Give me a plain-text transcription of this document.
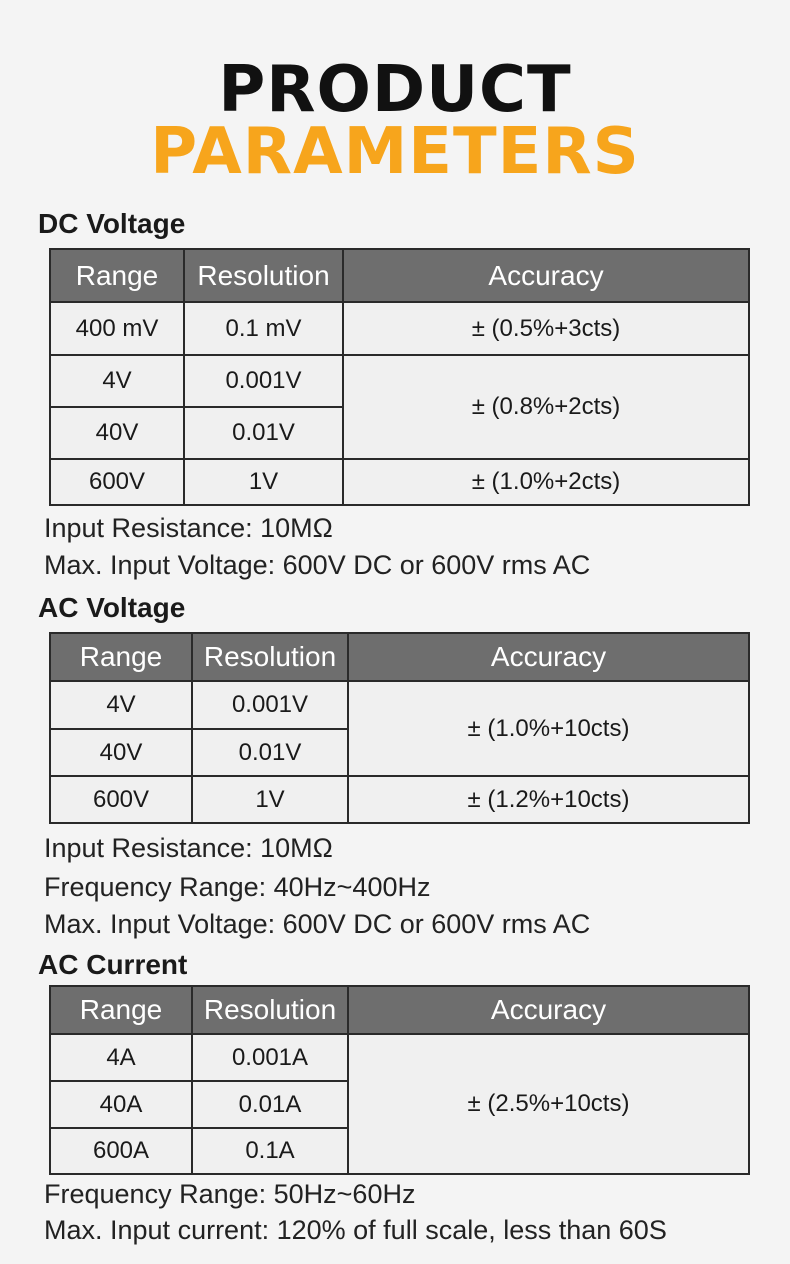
PRODUCT
PARAMETERS
DC Voltage
Range	Resolution	Accuracy
400 mV	0.1 mV	± (0.5%+3cts)
4V	0.001V	± (0.8%+2cts)
40V	0.01V	
600V	1V	± (1.0%+2cts)
Input Resistance: 10MΩ
Max. Input Voltage: 600V DC or 600V rms AC
AC Voltage
Range	Resolution	Accuracy
4V	0.001V	± (1.0%+10cts)
40V	0.01V	
600V	1V	± (1.2%+10cts)
Input Resistance: 10MΩ
Frequency Range: 40Hz~400Hz
Max. Input Voltage: 600V DC or 600V rms AC
AC Current
Range	Resolution	Accuracy
4A	0.001A	± (2.5%+10cts)
40A	0.01A	
600A	0.1A	
Frequency Range: 50Hz~60Hz
Max. Input current: 120% of full scale, less than 60S
